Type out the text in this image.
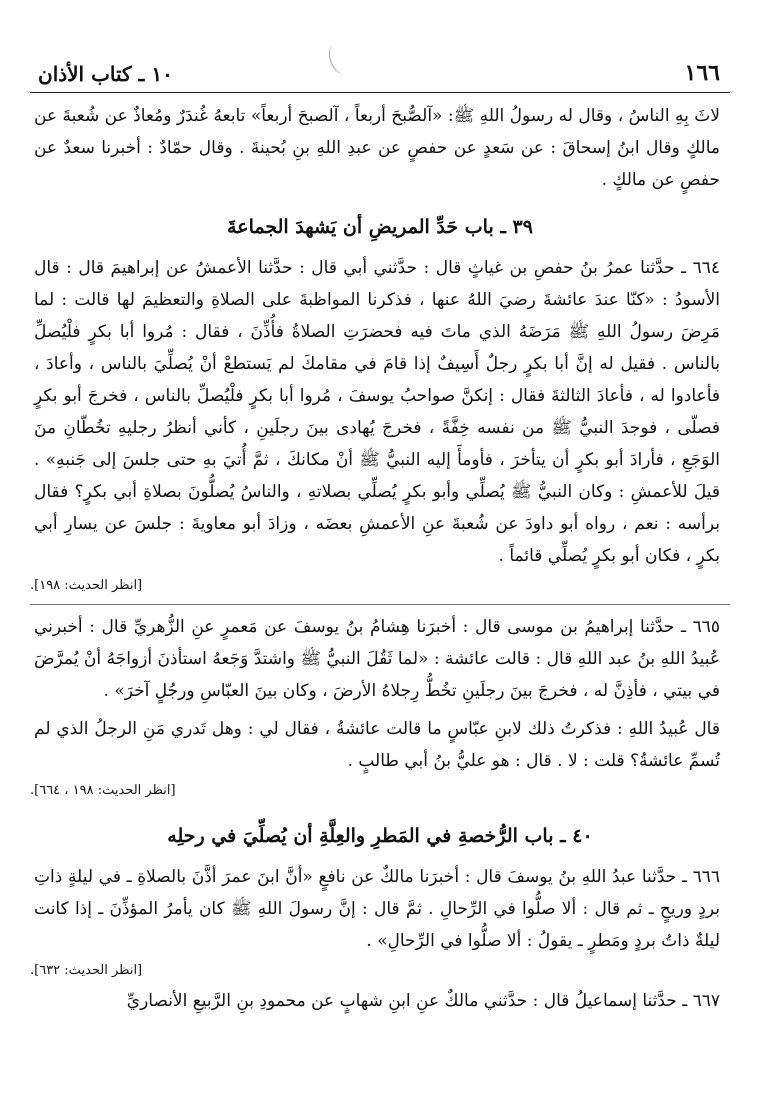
١٦٦
١٠ ـ كتاب الأذان

لاثَ بِهِ الناسُ ، وقال له رسولُ اللهِ ﷺ: «آلصُّبحَ أربعاً ، آلصبحَ أربعاً» تابعهُ غُندَرٌ ومُعاذٌ عن شُعبةَ عن مالكٍ وقال ابنُ إسحاقَ : عن سَعدٍ عن حفصٍ عن عبدِ اللهِ بنِ بُحينةَ . وقال حمّادٌ : أخبرنا سعدٌ عن حفصٍ عن مالكٍ .

٣٩ ـ باب حَدِّ المريضِ أن يَشهدَ الجماعةَ

٦٦٤ ـ حدَّثنا عمرُ بنُ حفصِ بن غياثٍ قال : حدَّثني أبي قال : حدَّثنا الأعمشُ عن إبراهيمَ قال : قال الأسودُ : «كنّا عندَ عائشةَ رضيَ اللهُ عنها ، فذكرنا المواظبةَ على الصلاةِ والتعظيمَ لها قالت : لما مَرِضَ رسولُ اللهِ ﷺ مَرَضَهُ الذي ماتَ فيه فحضرَتِ الصلاةُ فأُذِّنَ ، فقال : مُروا أبا بكرٍ فلْيُصلِّ بالناس . فقيل له إنَّ أبا بكرٍ رجلٌ أَسِيفٌ إذا قامَ في مقامكَ لم يَستطعْ أنْ يُصلِّيَ بالناس ، وأعادَ ، فأعادوا له ، فأعادَ الثالثةَ فقال : إنكنَّ صواحبُ يوسفَ ، مُروا أبا بكرٍ فلْيُصلِّ بالناس ، فخرجَ أبو بكرٍ فصلّى ، فوجدَ النبيُّ ﷺ من نفسه خِفَّةً ، فخرجَ يُهادى بينَ رجلَينِ ، كأني أنظرُ رجليهِ تخُطّانِ منَ الوَجَعِ ، فأرادَ أبو بكرٍ أن يتأخرَ ، فأومأَ إليه النبيُّ ﷺ أنْ مكانكَ ، ثمَّ أُتيَ بهِ حتى جلسَ إلى جَنبهِ» . قيلَ للأعمشِ : وكان النبيُّ ﷺ يُصلِّي وأبو بكرٍ يُصلِّي بصلاتهِ ، والناسُ يُصلُّونَ بصلاةِ أبي بكرٍ؟ فقال برأسه : نعم ، رواه أبو داودَ عن شُعبةَ عنِ الأعمشِ بعضَه ، وزادَ أبو معاويةَ : جلسَ عن يسارِ أبي بكرٍ ، فكان أبو بكرٍ يُصلِّي قائماً .

[انظر الحديث: ١٩٨].

٦٦٥ ـ حدَّثنا إبراهيمُ بن موسى قال : أخبرَنا هِشامُ بنُ يوسفَ عن مَعمرٍ عنِ الزُّهريِّ قال : أخبرني عُبيدُ اللهِ بنُ عبد اللهِ قال : قالت عائشة : «لما ثَقُلَ النبيُّ ﷺ واشتدَّ وَجَعهُ استأذنَ أزواجَهُ أنْ يُمرَّضَ في بيتي ، فأذِنَّ له ، فخرجَ بينَ رجلَينِ تخُطُّ رِجلاهُ الأرضَ ، وكان بينَ العبّاسِ ورجُلٍ آخرَ» .

قال عُبيدُ اللهِ : فذكرتُ ذلك لابنِ عبّاسٍ ما قالت عائشةُ ، فقال لي : وهل تَدري مَنِ الرجلُ الذي لم تُسمِّ عائشةُ؟ قلت : لا . قال : هو عليُّ بنُ أبي طالبٍ .

[انظر الحديث: ١٩٨ ، ٦٦٤].
٤٠ ـ باب الرُّخصةِ في المَطرِ والعِلَّةِ أن يُصلِّيَ في رحلِه

٦٦٦ ـ حدَّثنا عبدُ اللهِ بنُ يوسفَ قال : أخبرَنا مالكٌ عن نافعٍ «أنَّ ابنَ عمرَ أذَّنَ بالصلاةِ ـ في ليلةٍ ذاتِ بردٍ وريحٍ ـ ثم قال : ألا صلُّوا في الرِّحالِ . ثمَّ قال : إنَّ رسولَ اللهِ ﷺ كان يأمرُ المؤذِّنَ ـ إذا كانت ليلةٌ ذاتُ بردٍ ومَطرٍ ـ يقولُ : ألا صلُّوا في الرِّحالِ» .

[انظر الحديث: ٦٣٢].

٦٦٧ ـ حدَّثنا إسماعيلُ قال : حدَّثني مالكٌ عنِ ابنِ شهابٍ عن محمودِ بنِ الرَّبيعِ الأنصاريِّ
